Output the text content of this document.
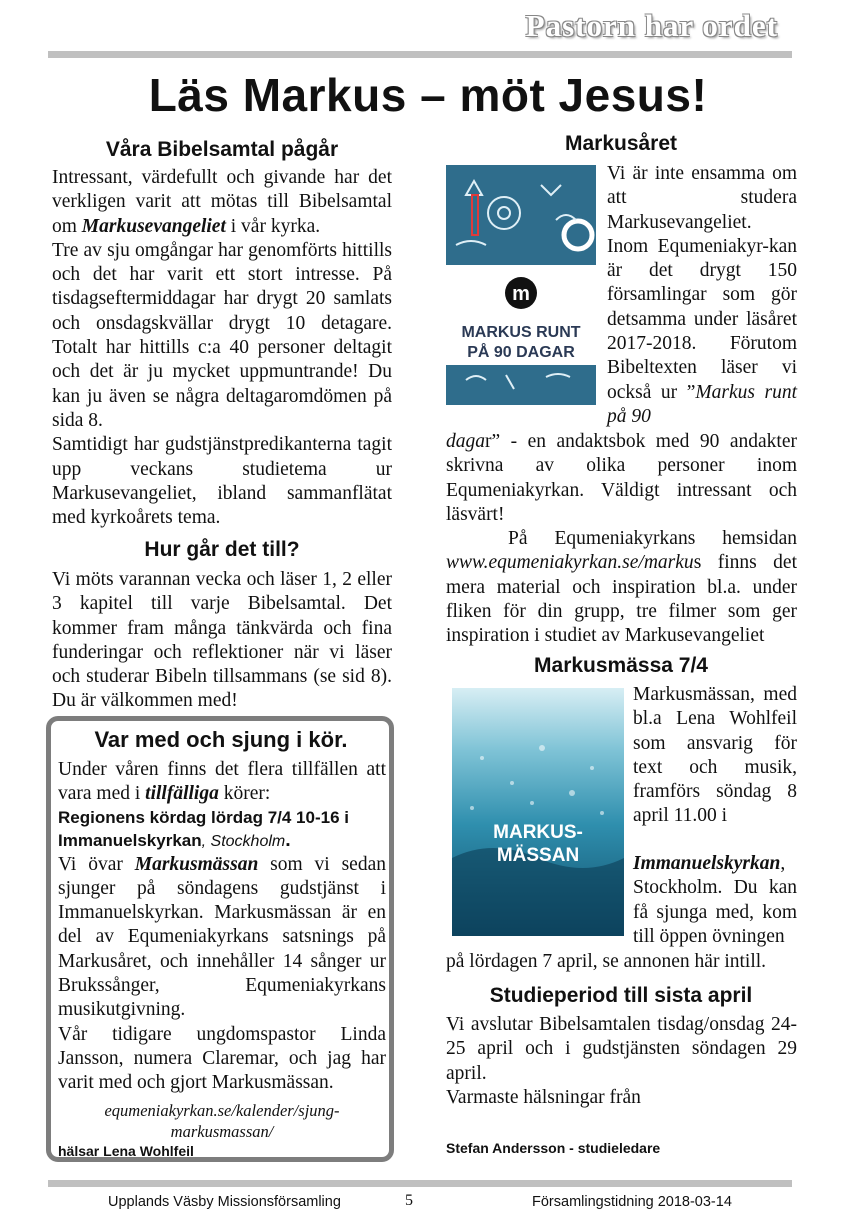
Pastorn har ordet
Läs Markus – möt Jesus!
Våra Bibelsamtal pågår

Intressant, värdefullt och givande har det verkligen varit att mötas till Bibelsamtal om Markusevangeliet i vår kyrka.

Tre av sju omgångar har genomförts hittills och det har varit ett stort intresse. På tisdagseftermiddagar har drygt 20 samlats och onsdagskvällar drygt 10 detagare. Totalt har hittills c:a 40 personer deltagit och det är ju mycket uppmuntrande! Du kan ju även se några deltagaromdömen på sida 8.

Samtidigt har gudstjänstpredikanterna tagit upp veckans studietema ur Markusevangeliet, ibland sammanflätat med kyrkoårets tema.

Hur går det till?

Vi möts varannan vecka och läser 1, 2 eller 3 kapitel till varje Bibelsamtal. Det kommer fram många tänkvärda och fina funderingar och reflektioner när vi läser och studerar Bibeln tillsammans (se sid 8). Du är välkommen med!

Var med och sjung i kör.

Under våren finns det flera tillfällen att vara med i tillfälliga körer:

Regionens kördag lördag 7/4 10-16 i Immanuelskyrkan, Stockholm.

Vi övar Markusmässan som vi sedan sjunger på söndagens gudstjänst i Immanuelskyrkan. Markusmässan är en del av Equmeniakyrkans satsnings på Markusåret, och innehåller 14 sånger ur Brukssånger, Equmeniakyrkans musikutgivning.

Vår tidigare ungdomspastor Linda Jansson, numera Claremar, och jag har varit med och gjort Markusmässan.

equmeniakyrkan.se/kalender/sjung-markusmassan/

hälsar Lena Wohlfeil
Markusåret
m
MARKUS RUNT
PÅ 90 DAGAR

Vi är inte ensamma om att studera Markusevangeliet. Inom Equmeniakyr-kan är det drygt 150 församlingar som gör detsamma under läsåret 2017-2018. Förutom Bibeltexten läser vi också ur ”Markus runt på 90

dagar” - en andaktsbok med 90 andakter skrivna av olika personer inom Equmeniakyrkan. Väldigt intressant och läsvärt!

På Equmeniakyrkans hemsidan www.equmeniakyrkan.se/markus finns det mera material och inspiration bl.a. under fliken för din grupp, tre filmer som ger inspiration i studiet av Markusevangeliet

Markusmässa 7/4
MARKUS-
MÄSSAN

Markusmässan, med bl.a Lena Wohlfeil som ansvarig för text och musik, framförs söndag 8 april 11.00 i

Immanuelskyrkan, Stockholm. Du kan få sjunga med, kom till öppen övningen

på lördagen 7 april, se annonen här intill.

Studieperiod till sista april

Vi avslutar Bibelsamtalen tisdag/onsdag 24-25 april och i gudstjänsten söndagen 29 april.

Varmaste hälsningar från

Stefan Andersson - studieledare
Upplands Väsby Missionsförsamling	5	Församlingstidning 2018-03-14
